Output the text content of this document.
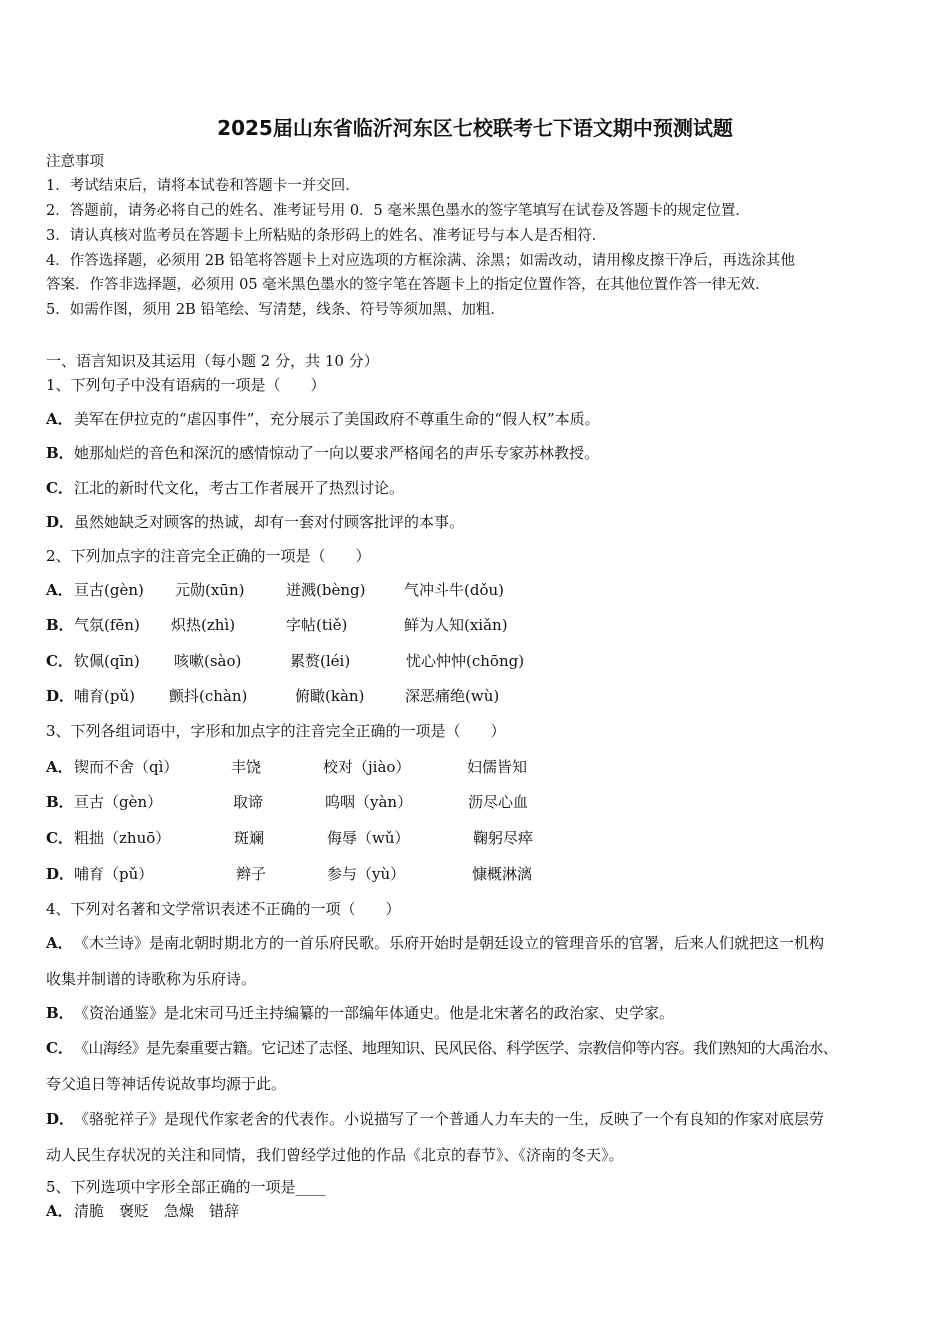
2025届山东省临沂河东区七校联考七下语文期中预测试题
注意事项
1．考试结束后，请将本试卷和答题卡一并交回．
2．答题前，请务必将自己的姓名、准考证号用 0．5 毫米黑色墨水的签字笔填写在试卷及答题卡的规定位置．
3．请认真核对监考员在答题卡上所粘贴的条形码上的姓名、准考证号与本人是否相符．
4．作答选择题，必须用 2B 铅笔将答题卡上对应选项的方框涂满、涂黑；如需改动，请用橡皮擦干净后，再选涂其他
答案．作答非选择题，必须用 05 毫米黑色墨水的签字笔在答题卡上的指定位置作答，在其他位置作答一律无效．
5．如需作图，须用 2B 铅笔绘、写清楚，线条、符号等须加黑、加粗．
一、语言知识及其运用（每小题 2 分，共 10 分）
1、下列句子中没有语病的一项是（　　）
A．美军在伊拉克的“虐囚事件”，充分展示了美国政府不尊重生命的“假人权”本质。
B．她那灿烂的音色和深沉的感情惊动了一向以要求严格闻名的声乐专家苏林教授。
C．江北的新时代文化，考古工作者展开了热烈讨论。
D．虽然她缺乏对顾客的热诚，却有一套对付顾客批评的本事。
2、下列加点字的注音完全正确的一项是（　　）
A． 亘古(gèn) 元勋(xūn)	迸溅(bèng)	气冲斗牛(dǒu)
B． 气氛(fēn) 炽热(zhì)	字帖(tiě)	鲜为人知(xiǎn)
C． 钦佩(qīn) 咳嗽(sào)	累赘(léi)	忧心忡忡(chōng)
D． 哺育(pǔ) 颤抖(chàn)	俯瞰(kàn)	深恶痛绝(wù)
3、下列各组词语中，字形和加点字的注音完全正确的一项是（　　）
A． 锲而不舍（qì）	丰饶	校对（jiào）	妇儒皆知
B． 亘古（gèn）	取谛	呜咽（yàn）	沥尽心血
C． 粗拙（zhuō）	斑斓	侮辱（wǔ）	鞠躬尽瘁
D． 哺育（pǔ）	辫子	参与（yù）	慷概淋漓
4、下列对名著和文学常识表述不正确的一项（　　）
A．《木兰诗》是南北朝时期北方的一首乐府民歌。乐府开始时是朝廷设立的管理音乐的官署，后来人们就把这一机构
收集并制谱的诗歌称为乐府诗。
B．《资治通鉴》是北宋司马迁主持编纂的一部编年体通史。他是北宋著名的政治家、史学家。
C．《山海经》是先秦重要古籍。它记述了志怪、地理知识、民风民俗、科学医学、宗教信仰等内容。我们熟知的大禹治水、
夸父追日等神话传说故事均源于此。
D．《骆驼祥子》是现代作家老舍的代表作。小说描写了一个普通人力车夫的一生，反映了一个有良知的作家对底层劳
动人民生存状况的关注和同情，我们曾经学过他的作品《北京的春节》、《济南的冬天》。
5、下列选项中字形全部正确的一项是____
A．清脆　褒贬　急燥　错辞
